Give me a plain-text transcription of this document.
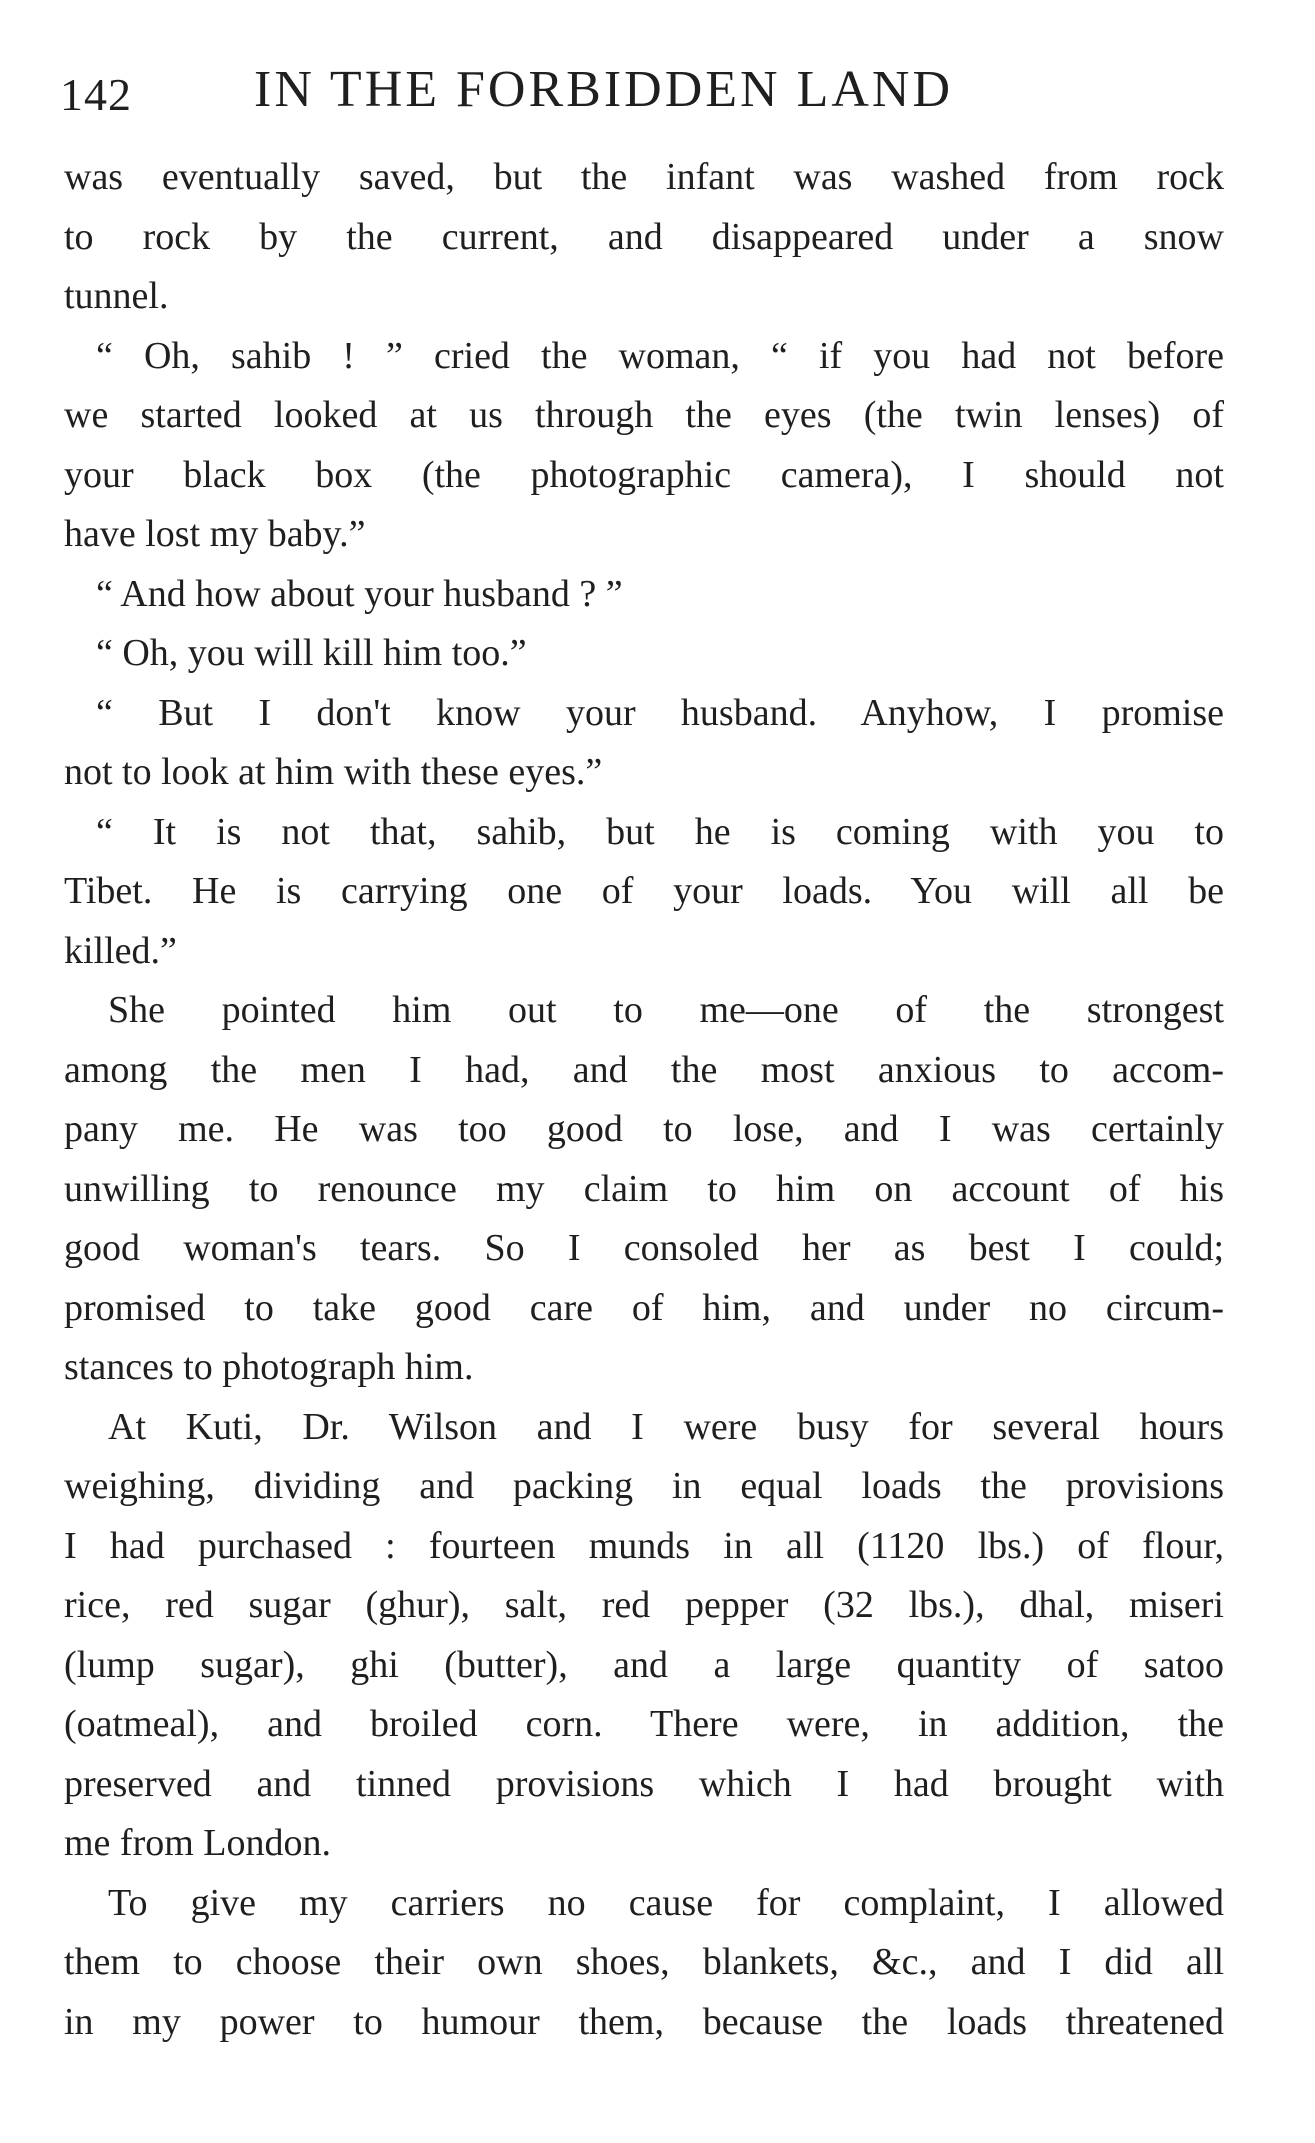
142 IN THE FORBIDDEN LAND
was eventually saved, but the infant was washed from rock
to rock by the current, and disappeared under a snow
tunnel.
“ Oh, sahib ! ” cried the woman, “ if you had not before
we started looked at us through the eyes (the twin lenses) of
your black box (the photographic camera), I should not
have lost my baby.”
“ And how about your husband ? ”
“ Oh, you will kill him too.”
“ But I don't know your husband. Anyhow, I promise
not to look at him with these eyes.”
“ It is not that, sahib, but he is coming with you to
Tibet. He is carrying one of your loads. You will all be
killed.”
She pointed him out to me—one of the strongest
among the men I had, and the most anxious to accom-
pany me. He was too good to lose, and I was certainly
unwilling to renounce my claim to him on account of his
good woman's tears. So I consoled her as best I could;
promised to take good care of him, and under no circum-
stances to photograph him.
At Kuti, Dr. Wilson and I were busy for several hours
weighing, dividing and packing in equal loads the provisions
I had purchased : fourteen munds in all (1120 lbs.) of flour,
rice, red sugar (ghur), salt, red pepper (32 lbs.), dhal, miseri
(lump sugar), ghi (butter), and a large quantity of satoo
(oatmeal), and broiled corn. There were, in addition, the
preserved and tinned provisions which I had brought with
me from London.
To give my carriers no cause for complaint, I allowed
them to choose their own shoes, blankets, &c., and I did all
in my power to humour them, because the loads threatened
